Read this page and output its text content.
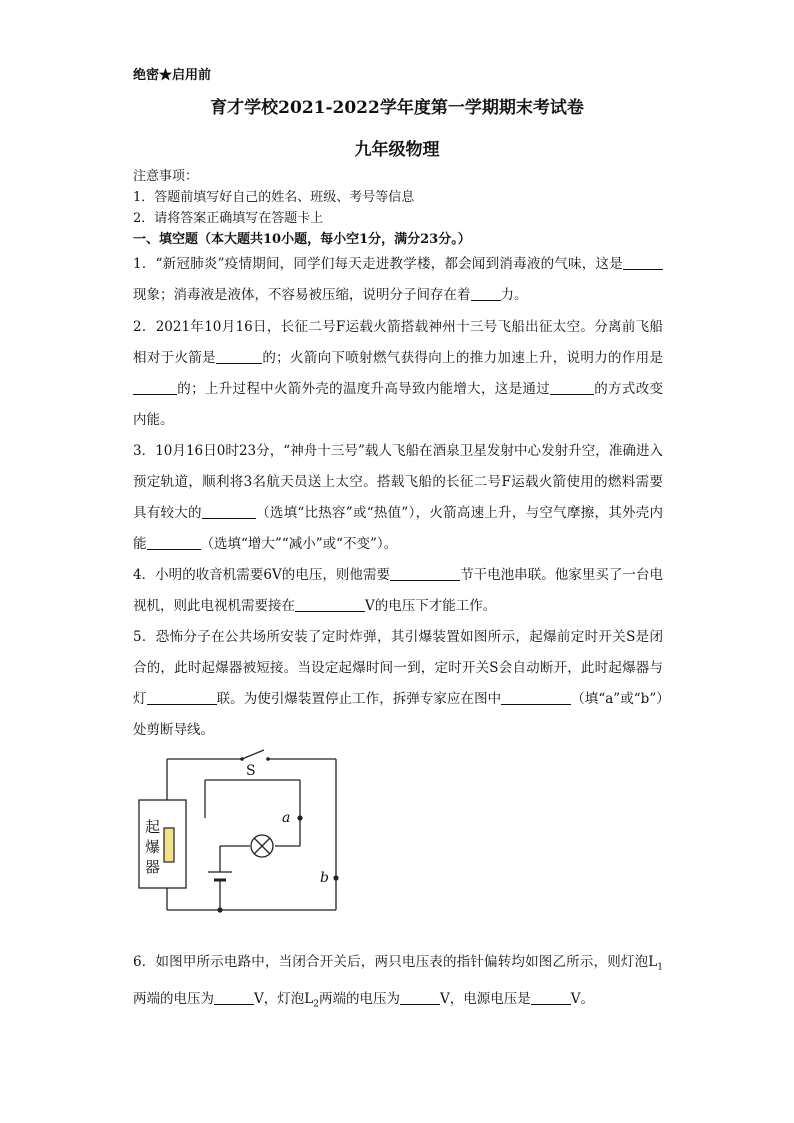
绝密★启用前
育才学校2021-2022学年度第一学期期末考试卷
九年级物理
注意事项：
1．答题前填写好自己的姓名、班级、考号等信息
2．请将答案正确填写在答题卡上
一、填空题（本大题共10小题，每小空1分，满分23分。）
1．“新冠肺炎”疫情期间，同学们每天走进教学楼，都会闻到消毒液的气味，这是现象；消毒液是液体，不容易被压缩，说明分子间存在着 力。
2．2021年10月16日，长征二号F运载火箭搭载神州十三号飞船出征太空。分离前飞船相对于火箭是	的；火箭向下喷射燃气获得向上的推力加速上升，说明力的作用是的；上升过程中火箭外壳的温度升高导致内能增大，这是通过	的方式改变内能。
3．10月16日0时23分，“神舟十三号”载人飞船在酒泉卫星发射中心发射升空，准确进入预定轨道，顺利将3名航天员送上太空。搭载飞船的长征二号F运载火箭使用的燃料需要具有较大的	（选填“比热容”或“热值”），火箭高速上升，与空气摩擦，其外壳内能	（选填“增大”“减小”或“不变”）。
4．小明的收音机需要6V的电压，则他需要	节干电池串联。他家里买了一台电视机，则此电视机需要接在	V的电压下才能工作。
5．恐怖分子在公共场所安装了定时炸弹，其引爆装置如图所示，起爆前定时开关S是闭合的，此时起爆器被短接。当设定起爆时间一到，定时开关S会自动断开，此时起爆器与灯	联。为使引爆装置停止工作，拆弹专家应在图中	（填“a”或“b”）处剪断导线。
S
a
b
起
爆
器
6．如图甲所示电路中，当闭合开关后，两只电压表的指针偏转均如图乙所示，则灯泡$L_1$两端的电压为	V，灯泡$L_2$两端的电压为	V，电源电压是	V。
